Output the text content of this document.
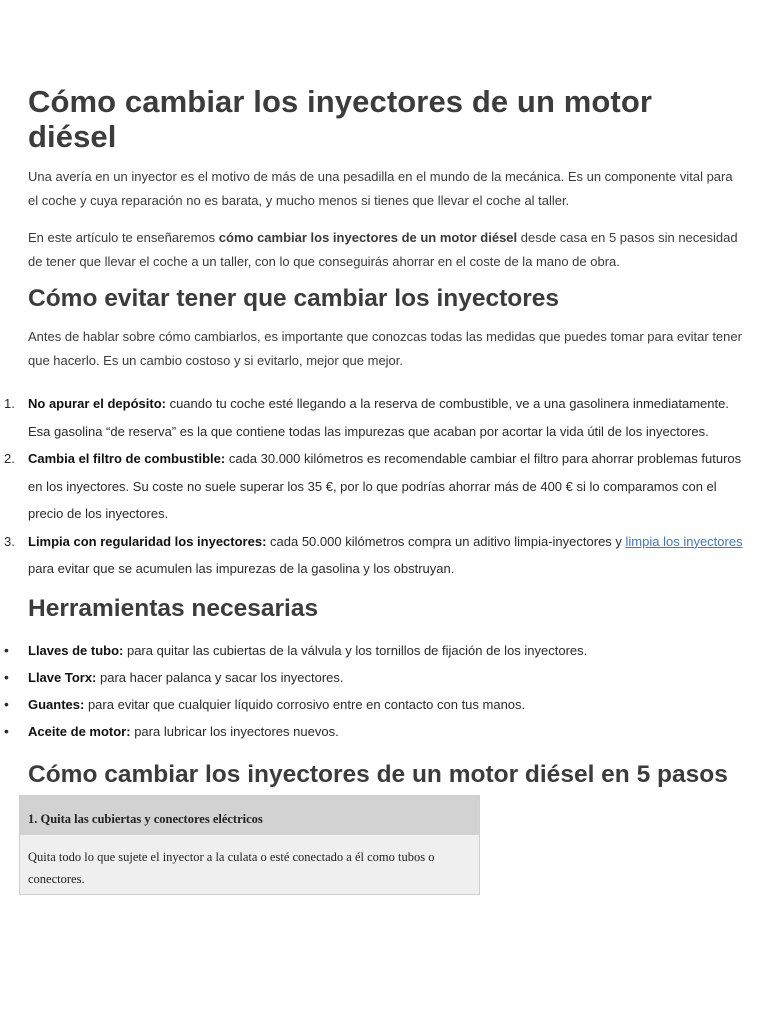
Cómo cambiar los inyectores de un motor diésel

Una avería en un inyector es el motivo de más de una pesadilla en el mundo de la mecánica. Es un componente vital para el coche y cuya reparación no es barata, y mucho menos si tienes que llevar el coche al taller.

En este artículo te enseñaremos cómo cambiar los inyectores de un motor diésel desde casa en 5 pasos sin necesidad de tener que llevar el coche a un taller, con lo que conseguirás ahorrar en el coste de la mano de obra.

Cómo evitar tener que cambiar los inyectores

Antes de hablar sobre cómo cambiarlos, es importante que conozcas todas las medidas que puedes tomar para evitar tener que hacerlo. Es un cambio costoso y si evitarlo, mejor que mejor.

1. No apurar el depósito: cuando tu coche esté llegando a la reserva de combustible, ve a una gasolinera inmediatamente. Esa gasolina “de reserva” es la que contiene todas las impurezas que acaban por acortar la vida útil de los inyectores.
2. Cambia el filtro de combustible: cada 30.000 kilómetros es recomendable cambiar el filtro para ahorrar problemas futuros en los inyectores. Su coste no suele superar los 35 €, por lo que podrías ahorrar más de 400 € si lo comparamos con el precio de los inyectores.
3. Limpia con regularidad los inyectores: cada 50.000 kilómetros compra un aditivo limpia-inyectores y limpia los inyectores para evitar que se acumulen las impurezas de la gasolina y los obstruyan.
Herramientas necesarias
• Llaves de tubo: para quitar las cubiertas de la válvula y los tornillos de fijación de los inyectores.
• Llave Torx: para hacer palanca y sacar los inyectores.
• Guantes: para evitar que cualquier líquido corrosivo entre en contacto con tus manos.
• Aceite de motor: para lubricar los inyectores nuevos.
Cómo cambiar los inyectores de un motor diésel en 5 pasos
1. Quita las cubiertas y conectores eléctricos
Quita todo lo que sujete el inyector a la culata o esté conectado a él como tubos o conectores.
